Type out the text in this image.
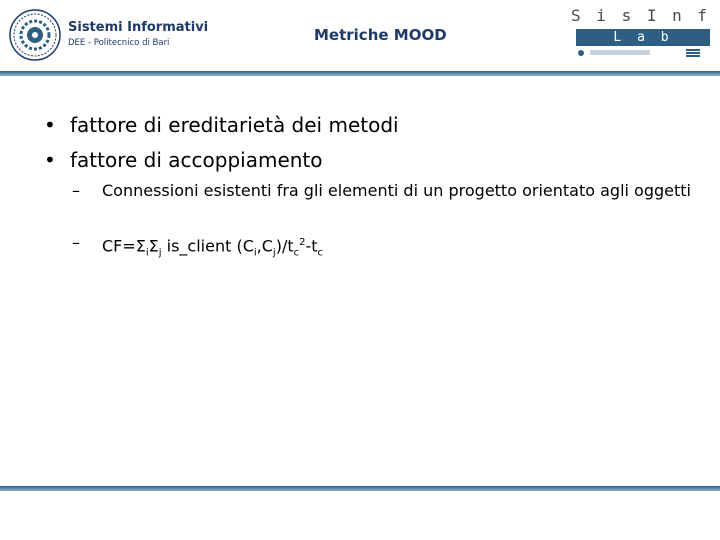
Sistemi Informativi
DEE - Politecnico di Bari	Metriche MOOD
S i s I n f
L a b
• fattore di ereditarietà dei metodi
• fattore di accoppiamento
– Connessioni esistenti fra gli elementi di un progetto orientato agli oggetti
– $CF=\Sigma_i\Sigma_j$ is_client $(C_i,C_j)/t_c^2-t_c$
